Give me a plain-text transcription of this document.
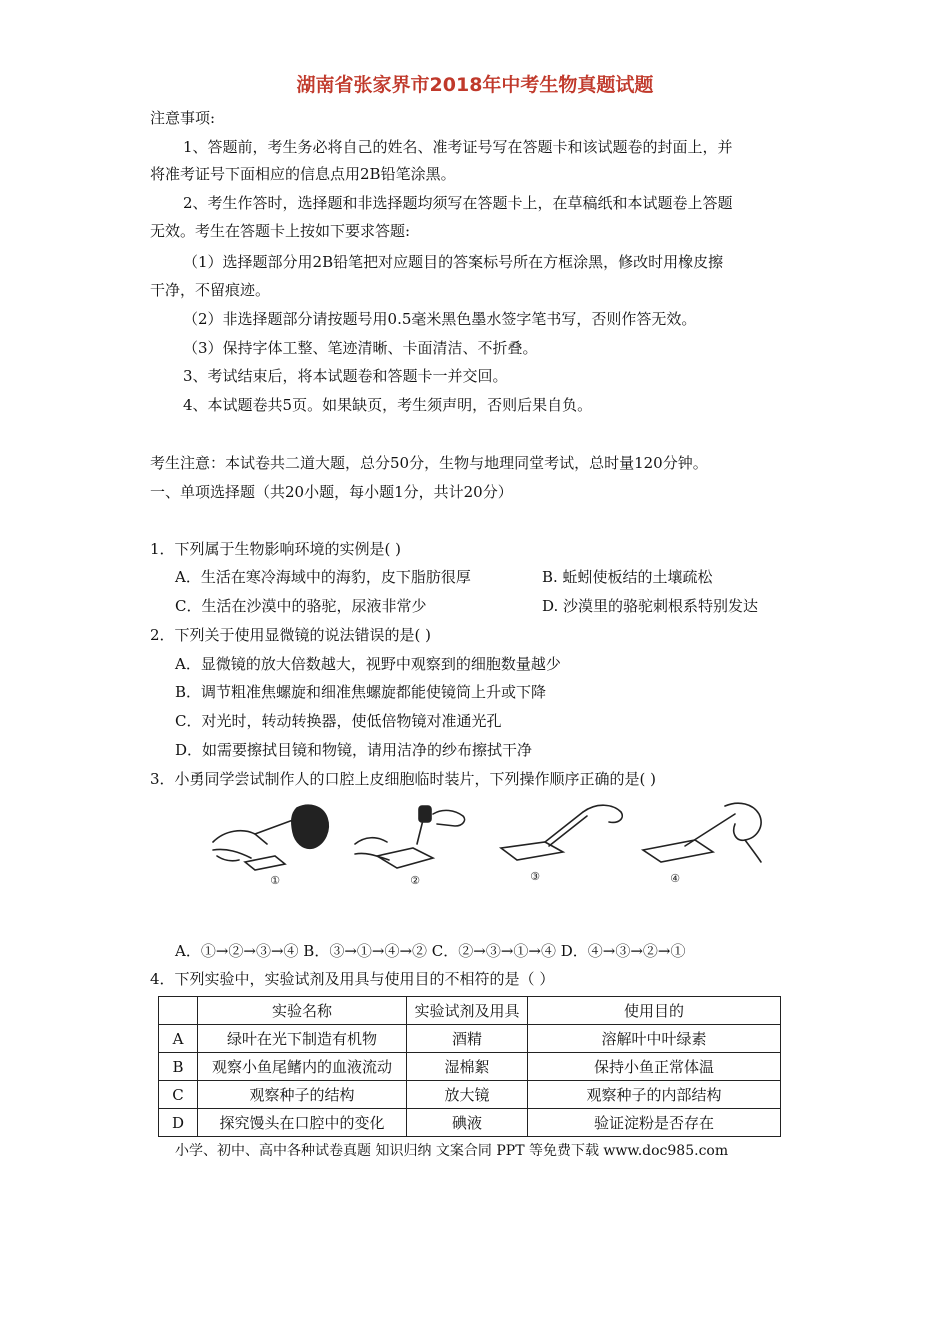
湖南省张家界市2018年中考生物真题试题
注意事项:
1、答题前，考生务必将自己的姓名、准考证号写在答题卡和该试题卷的封面上，并
将准考证号下面相应的信息点用2B铅笔涂黑。
2、考生作答时，选择题和非选择题均须写在答题卡上，在草稿纸和本试题卷上答题
无效。考生在答题卡上按如下要求答题:
（1）选择题部分用2B铅笔把对应题目的答案标号所在方框涂黑，修改时用橡皮擦
干净，不留痕迹。
（2）非选择题部分请按题号用0.5毫米黑色墨水签字笔书写，否则作答无效。
（3）保持字体工整、笔迹清晰、卡面清洁、不折叠。
3、考试结束后，将本试题卷和答题卡一并交回。
4、本试题卷共5页。如果缺页，考生须声明，否则后果自负。
考生注意：本试卷共二道大题，总分50分，生物与地理同堂考试，总时量120分钟。
一、单项选择题（共20小题，每小题1分，共计20分）
1．下列属于生物影响环境的实例是( )
A．生活在寒冷海域中的海豹，皮下脂肪很厚	B. 蚯蚓使板结的土壤疏松
C．生活在沙漠中的骆驼，尿液非常少	D. 沙漠里的骆驼刺根系特别发达
2．下列关于使用显微镜的说法错误的是( )
A．显微镜的放大倍数越大，视野中观察到的细胞数量越少
B．调节粗准焦螺旋和细准焦螺旋都能使镜筒上升或下降
C．对光时，转动转换器，使低倍物镜对准通光孔
D．如需要擦拭目镜和物镜，请用洁净的纱布擦拭干净
3．小勇同学尝试制作人的口腔上皮细胞临时装片，下列操作顺序正确的是( )
①	②	③	④
A．①→②→③→④ B．③→①→④→② C．②→③→①→④ D．④→③→②→①
4．下列实验中，实验试剂及用具与使用目的不相符的是（ ）
	实验名称	实验试剂及用具	使用目的
A	绿叶在光下制造有机物	酒精	溶解叶中叶绿素
B	观察小鱼尾鳍内的血液流动	湿棉絮	保持小鱼正常体温
C	观察种子的结构	放大镜	观察种子的内部结构
D	探究馒头在口腔中的变化	碘液	验证淀粉是否存在
小学、初中、高中各种试卷真题 知识归纳 文案合同 PPT 等免费下载 www.doc985.com
